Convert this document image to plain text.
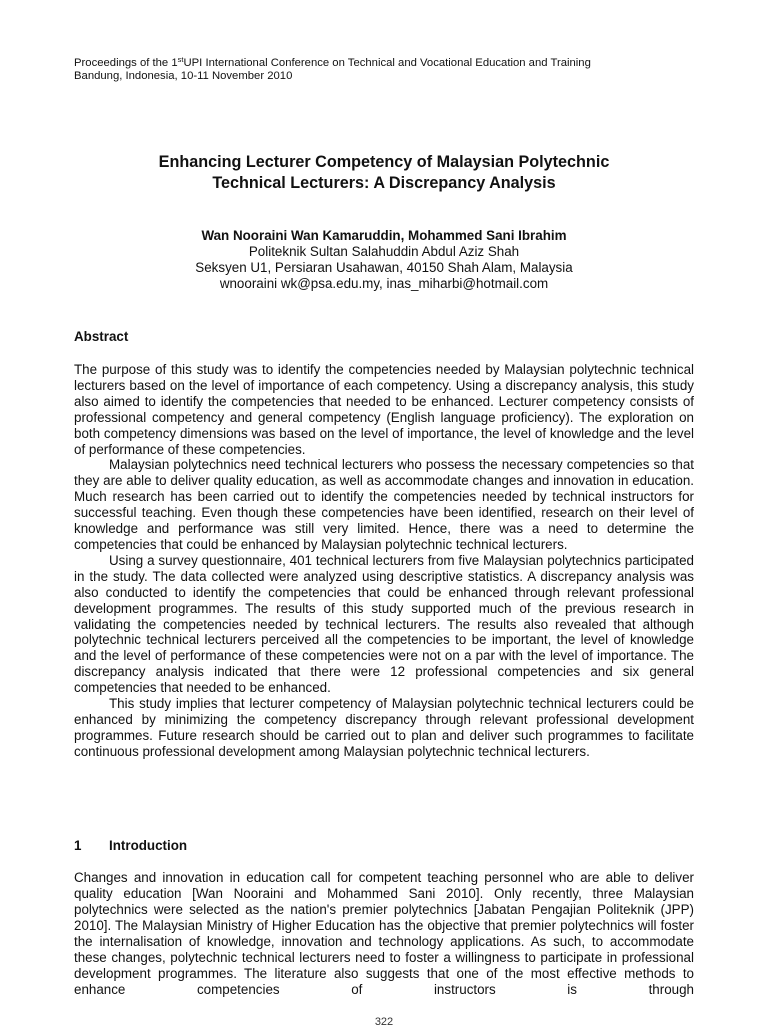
Proceedings of the 1stUPI International Conference on Technical and Vocational Education and Training
Bandung, Indonesia, 10-11 November 2010
Enhancing Lecturer Competency of Malaysian Polytechnic
Technical Lecturers: A Discrepancy Analysis
Wan Nooraini Wan Kamaruddin, Mohammed Sani Ibrahim
Politeknik Sultan Salahuddin Abdul Aziz Shah
Seksyen U1, Persiaran Usahawan, 40150 Shah Alam, Malaysia
wnooraini wk@psa.edu.my, inas_miharbi@hotmail.com
Abstract

The purpose of this study was to identify the competencies needed by Malaysian polytechnic technical lecturers based on the level of importance of each competency. Using a discrepancy analysis, this study also aimed to identify the competencies that needed to be enhanced. Lecturer competency consists of professional competency and general competency (English language proficiency). The exploration on both competency dimensions was based on the level of importance, the level of knowledge and the level of performance of these competencies.

Malaysian polytechnics need technical lecturers who possess the necessary competencies so that they are able to deliver quality education, as well as accommodate changes and innovation in education. Much research has been carried out to identify the competencies needed by technical instructors for successful teaching. Even though these competencies have been identified, research on their level of knowledge and performance was still very limited. Hence, there was a need to determine the competencies that could be enhanced by Malaysian polytechnic technical lecturers.

Using a survey questionnaire, 401 technical lecturers from five Malaysian polytechnics participated in the study. The data collected were analyzed using descriptive statistics. A discrepancy analysis was also conducted to identify the competencies that could be enhanced through relevant professional development programmes. The results of this study supported much of the previous research in validating the competencies needed by technical lecturers. The results also revealed that although polytechnic technical lecturers perceived all the competencies to be important, the level of knowledge and the level of performance of these competencies were not on a par with the level of importance. The discrepancy analysis indicated that there were 12 professional competencies and six general competencies that needed to be enhanced.

This study implies that lecturer competency of Malaysian polytechnic technical lecturers could be enhanced by minimizing the competency discrepancy through relevant professional development programmes. Future research should be carried out to plan and deliver such programmes to facilitate continuous professional development among Malaysian polytechnic technical lecturers.

1 Introduction

Changes and innovation in education call for competent teaching personnel who are able to deliver quality education [Wan Nooraini and Mohammed Sani 2010]. Only recently, three Malaysian polytechnics were selected as the nation's premier polytechnics [Jabatan Pengajian Politeknik (JPP) 2010]. The Malaysian Ministry of Higher Education has the objective that premier polytechnics will foster the internalisation of knowledge, innovation and technology applications. As such, to accommodate these changes, polytechnic technical lecturers need to foster a willingness to participate in professional development programmes. The literature also suggests that one of the most effective methods to enhance competencies of instructors is through

322
